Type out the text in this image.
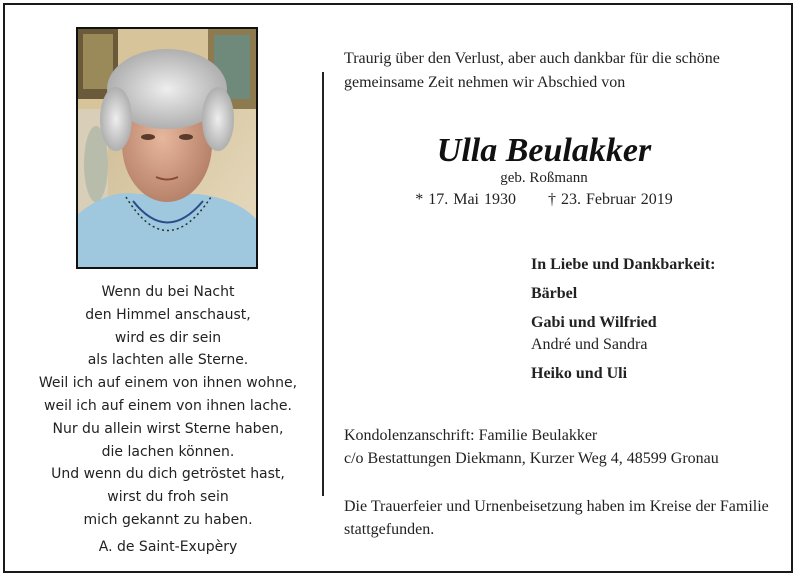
Wenn du bei Nacht
den Himmel anschaust,
wird es dir sein
als lachten alle Sterne.
Weil ich auf einem von ihnen wohne,
weil ich auf einem von ihnen lache.
Nur du allein wirst Sterne haben,
die lachen können.
Und wenn du dich getröstet hast,
wirst du froh sein
mich gekannt zu haben.
A. de Saint-Exupèry
Traurig über den Verlust, aber auch dankbar für die schöne gemeinsame Zeit nehmen wir Abschied von
Ulla Beulakker
geb. Roßmann
* 17. Mai 1930 † 23. Februar 2019
In Liebe und Dankbarkeit:
Bärbel
Gabi und Wilfried
André und Sandra
Heiko und Uli
Kondolenzanschrift: Familie Beulakker
c/o Bestattungen Diekmann, Kurzer Weg 4, 48599 Gronau
Die Trauerfeier und Urnenbeisetzung haben im Kreise der Familie stattgefunden.
